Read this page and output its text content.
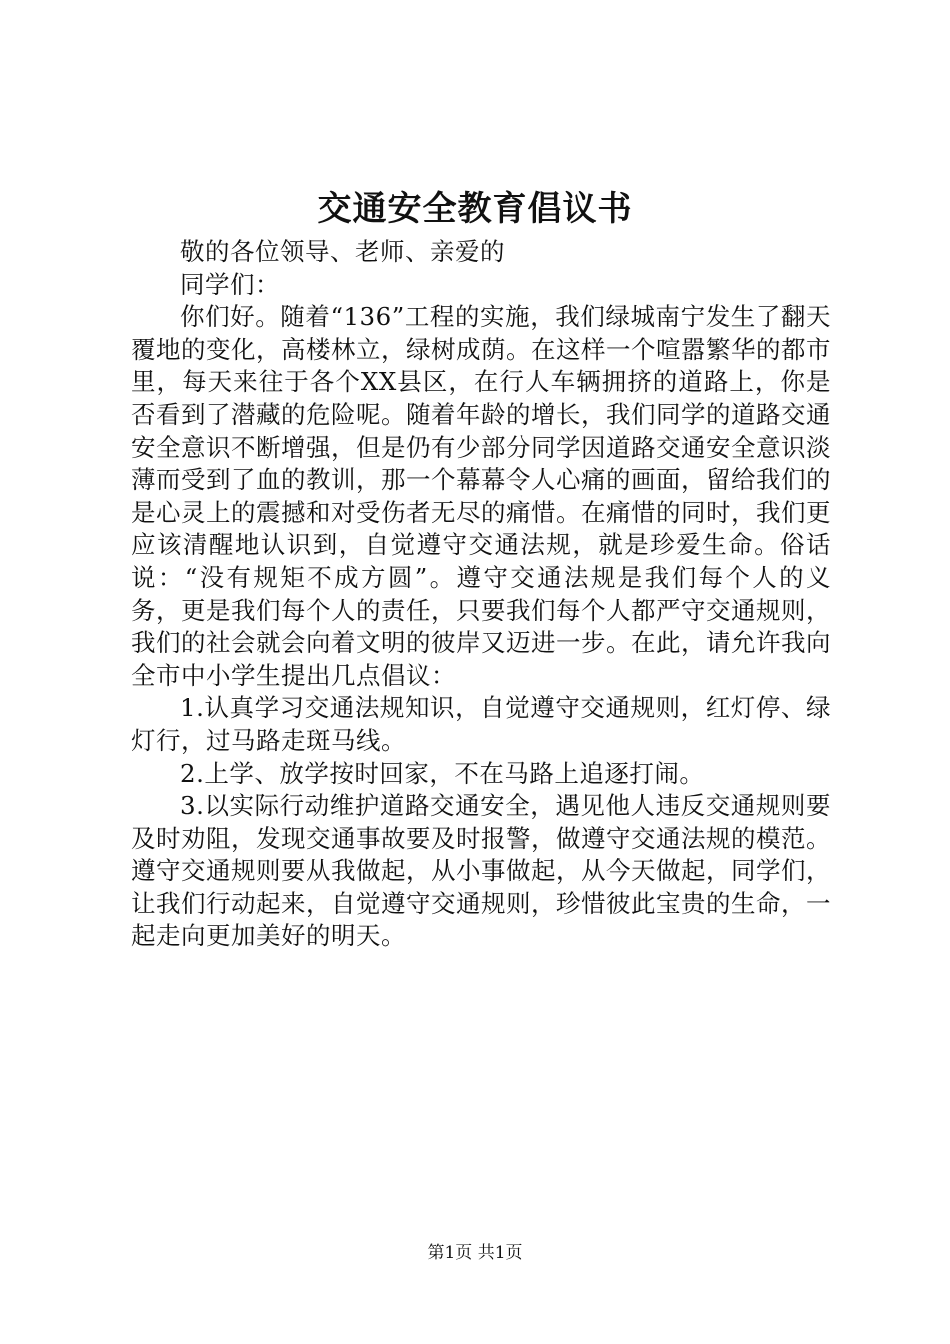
交通安全教育倡议书

敬的各位领导、老师、亲爱的

同学们：

你们好。随着“136”工程的实施，我们绿城南宁发生了翻天覆地的变化，高楼林立，绿树成荫。在这样一个喧嚣繁华的都市里，每天来往于各个XX县区，在行人车辆拥挤的道路上，你是否看到了潜藏的危险呢。随着年龄的增长，我们同学的道路交通安全意识不断增强，但是仍有少部分同学因道路交通安全意识淡薄而受到了血的教训，那一个幕幕令人心痛的画面，留给我们的是心灵上的震撼和对受伤者无尽的痛惜。在痛惜的同时，我们更应该清醒地认识到，自觉遵守交通法规，就是珍爱生命。俗话说：“没有规矩不成方圆”。遵守交通法规是我们每个人的义务，更是我们每个人的责任，只要我们每个人都严守交通规则，我们的社会就会向着文明的彼岸又迈进一步。在此，请允许我向全市中小学生提出几点倡议：

1.认真学习交通法规知识，自觉遵守交通规则，红灯停、绿灯行，过马路走斑马线。

2.上学、放学按时回家，不在马路上追逐打闹。

3.以实际行动维护道路交通安全，遇见他人违反交通规则要及时劝阻，发现交通事故要及时报警，做遵守交通法规的模范。遵守交通规则要从我做起，从小事做起，从今天做起，同学们，让我们行动起来，自觉遵守交通规则，珍惜彼此宝贵的生命，一起走向更加美好的明天。

第1页 共1页
